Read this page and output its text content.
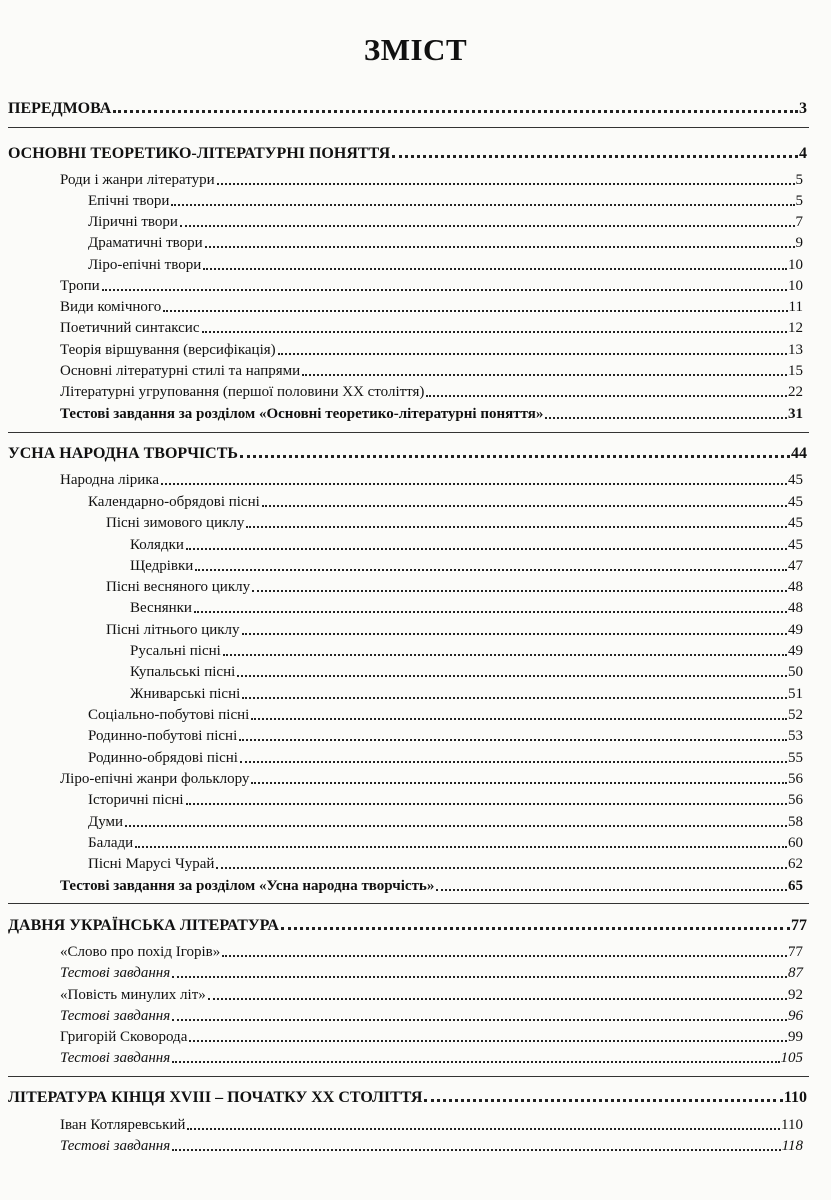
ЗМІСТ
ПЕРЕДМОВА	3
ОСНОВНІ ТЕОРЕТИКО-ЛІТЕРАТУРНІ ПОНЯТТЯ	4
Роди і жанри літератури	5
Епічні твори	5
Ліричні твори	7
Драматичні твори	9
Ліро-епічні твори	10
Тропи	10
Види комічного	11
Поетичний синтаксис	12
Теорія віршування (версифікація)	13
Основні літературні стилі та напрями	15
Літературні угруповання (першої половини XX століття)	22
Тестові завдання за розділом «Основні теоретико-літературні поняття»	31
УСНА НАРОДНА ТВОРЧІСТЬ	44
Народна лірика	45
Календарно-обрядові пісні	45
Пісні зимового циклу	45
Колядки	45
Щедрівки	47
Пісні весняного циклу	48
Веснянки	48
Пісні літнього циклу	49
Русальні пісні	49
Купальські пісні	50
Жниварські пісні	51
Соціально-побутові пісні	52
Родинно-побутові пісні	53
Родинно-обрядові пісні	55
Ліро-епічні жанри фольклору	56
Історичні пісні	56
Думи	58
Балади	60
Пісні Марусі Чурай	62
Тестові завдання за розділом «Усна народна творчість»	65
ДАВНЯ УКРАЇНСЬКА ЛІТЕРАТУРА	77
«Слово про похід Ігорів»	77
Тестові завдання	87
«Повість минулих літ»	92
Тестові завдання	96
Григорій Сковорода	99
Тестові завдання	105
ЛІТЕРАТУРА КІНЦЯ XVIII – ПОЧАТКУ XX СТОЛІТТЯ	110
Іван Котляревський	110
Тестові завдання	118
